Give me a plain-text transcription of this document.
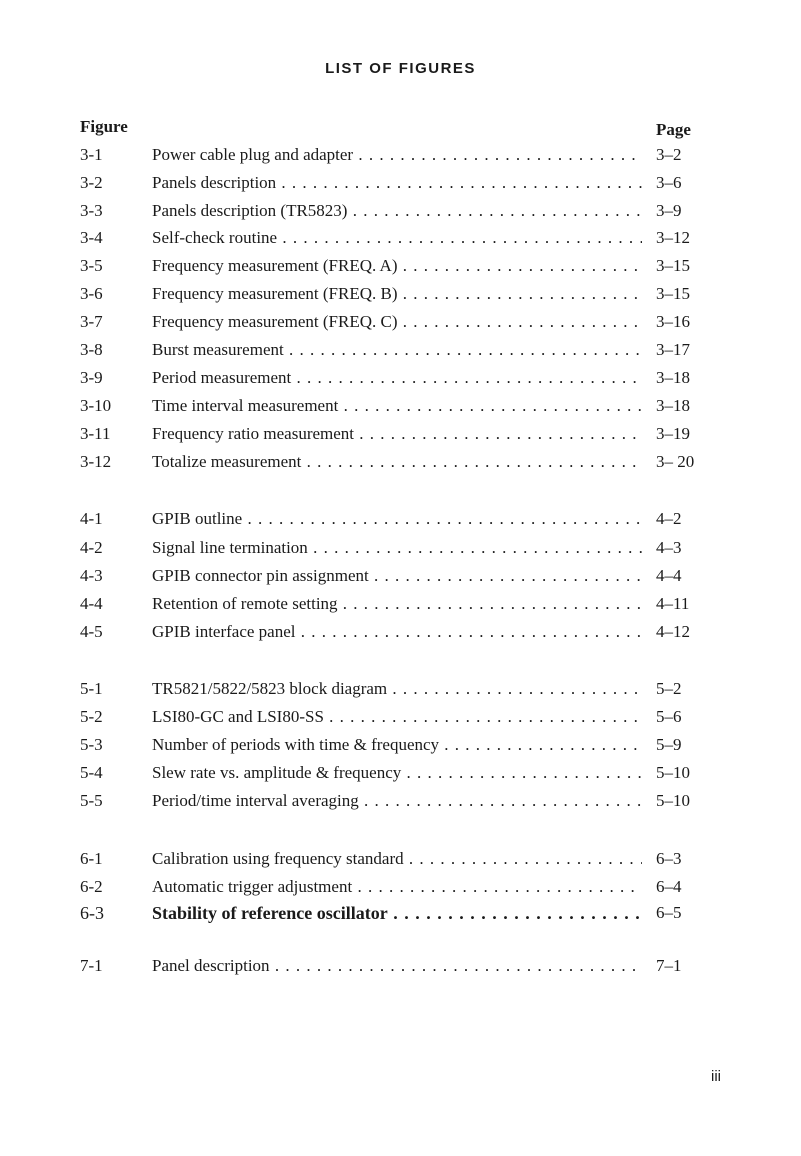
LIST OF FIGURES
Figure	Page
3-1	Power cable plug and adapter . . .	3–2
3-2	Panels description . . .	3–6
3-3	Panels description (TR5823) . . .	3–9
3-4	Self-check routine . . .	3–12
3-5	Frequency measurement (FREQ. A) . . .	3–15
3-6	Frequency measurement (FREQ. B) . . .	3–15
3-7	Frequency measurement (FREQ. C) . . .	3–16
3-8	Burst measurement . . .	3–17
3-9	Period measurement . . .	3–18
3-10 Time interval measurement . . .	3–18
3-11 Frequency ratio measurement . . .	3–19
3-12 Totalize measurement . . .	3– 20
4-1	GPIB outline . . .	4–2
4-2	Signal line termination . . .	4–3
4-3	GPIB connector pin assignment . . .	4–4
4-4	Retention of remote setting . . .	4–11
4-5	GPIB interface panel . . .	4–12
5-1	TR5821/5822/5823 block diagram . . .	5–2
5-2	LSI80-GC and LSI80-SS . . .	5–6
5-3	Number of periods with time & frequency . . .	5–9
5-4	Slew rate vs. amplitude & frequency . . .	5–10
5-5	Period/time interval averaging . . .	5–10
6-1	Calibration using frequency standard . . .	6–3
6-2	Automatic trigger adjustment . . .	6–4
6-3	Stability of reference oscillator . . .	6–5
7-1	Panel description . . .	7–1
iii
